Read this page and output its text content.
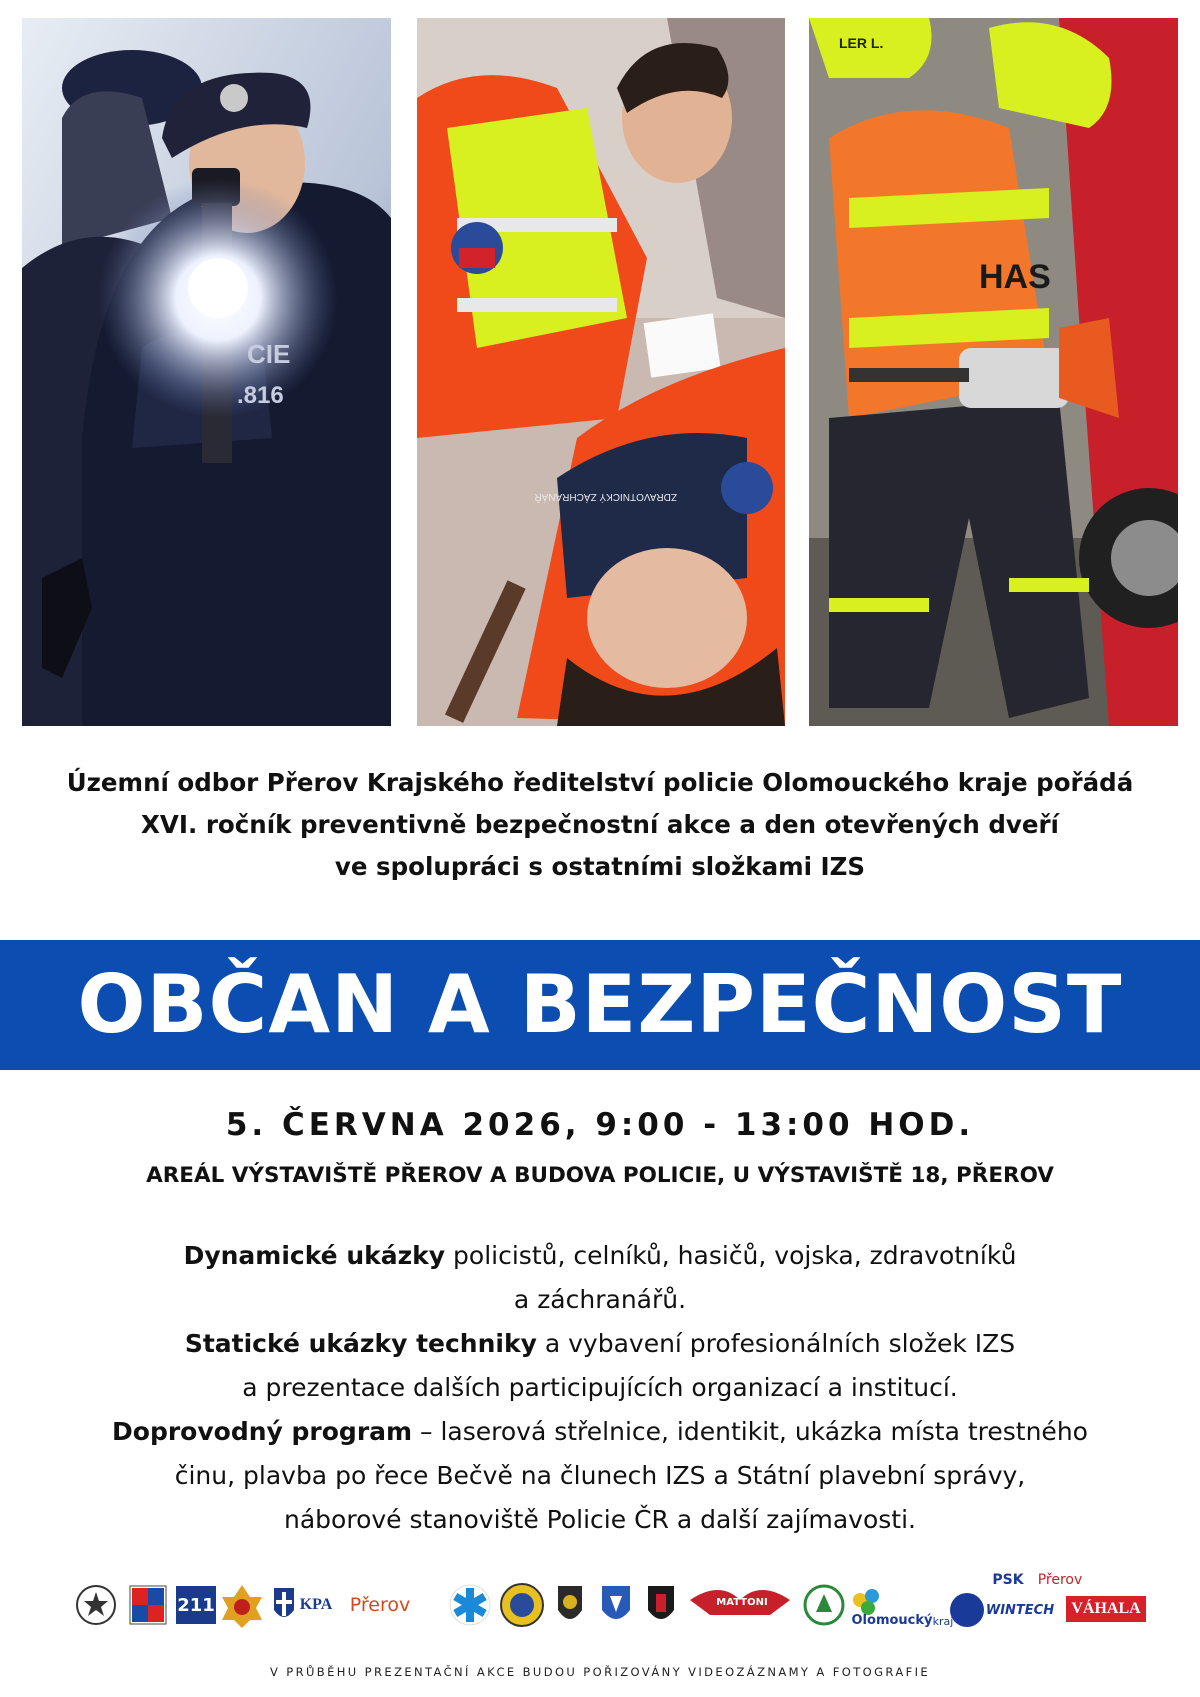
CIE
.816
ZDRAVOTNICKÝ ZÁCHRANÁŘ
LER L.
HAS
Územní odbor Přerov Krajského ředitelství policie Olomouckého kraje pořádá
XVI. ročník preventivně bezpečnostní akce a den otevřených dveří
ve spolupráci s ostatními složkami IZS
OBČAN A BEZPEČNOST
5. ČERVNA 2026, 9:00 - 13:00 HOD.
AREÁL VÝSTAVIŠTĚ PŘEROV A BUDOVA POLICIE, U VÝSTAVIŠTĚ 18, PŘEROV
Dynamické ukázky policistů, celníků, hasičů, vojska, zdravotníků
a záchranářů.
Statické ukázky techniky a vybavení profesionálních složek IZS
a prezentace dalších participujících organizací a institucí.
Doprovodný program – laserová střelnice, identikit, ukázka místa trestného
činu, plavba po řece Bečvě na člunech IZS a Státní plavební správy,
náborové stanoviště Policie ČR a další zajímavosti.
211	KPA Přerov	MATTONI
Olomoucký kraj
WINTECH
PSK	Přerov
VÁHALA
V PRŮBĚHU PREZENTAČNÍ AKCE BUDOU POŘIZOVÁNY VIDEOZÁZNAMY A FOTOGRAFIE
